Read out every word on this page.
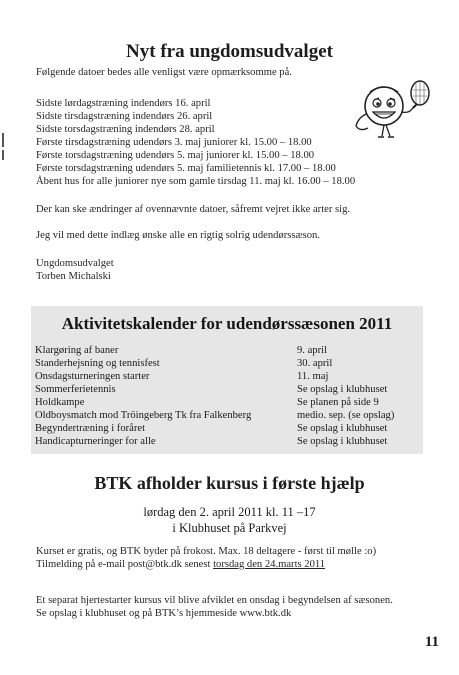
Nyt fra ungdomsudvalget
Følgende datoer bedes alle venligst være opmærksomme på.
Sidste lørdagstræning indendørs 16. april
Sidste tirsdagstræning indendørs 26. april
Sidste torsdagstræning indendørs 28. april
Første tirsdagstræning udendørs 3. maj juniorer kl. 15.00 – 18.00
Første torsdagstræning udendørs 5. maj juniorer kl. 15.00 – 18.00
Første torsdagstræning udendørs 5. maj familietennis kl. 17.00 – 18.00
Åbent hus for alle juniorer nye som gamle tirsdag 11. maj kl. 16.00 – 18.00
Der kan ske ændringer af ovennævnte datoer, såfremt vejret ikke arter sig.
Jeg vil med dette indlæg ønske alle en rigtig solrig udendørssæson.
Ungdomsudvalget
Torben Michalski
Aktivitetskalender for udendørssæsonen 2011
Klargøring af baner	9. april
Standerhejsning og tennisfest	30. april
Onsdagsturneringen starter	11. maj
Sommerferietennis	Se opslag i klubhuset
Holdkampe	Se planen på side 9
Oldboysmatch mod Tröingeberg Tk fra Falkenberg	medio. sep. (se opslag)
Begyndertræning i foråret	Se opslag i klubhuset
Handicapturneringer for alle	Se opslag i klubhuset
BTK afholder kursus i første hjælp
lørdag den 2. april 2011 kl. 11 –17
i Klubhuset på Parkvej
Kurset er gratis, og BTK byder på frokost. Max. 18 deltagere - først til mølle :o)
Tilmelding på e-mail post@btk.dk senest torsdag den 24.marts 2011
Et separat hjertestarter kursus vil blive afviklet en onsdag i begyndelsen af sæsonen.
Se opslag i klubhuset og på BTK’s hjemmeside www.btk.dk
11
